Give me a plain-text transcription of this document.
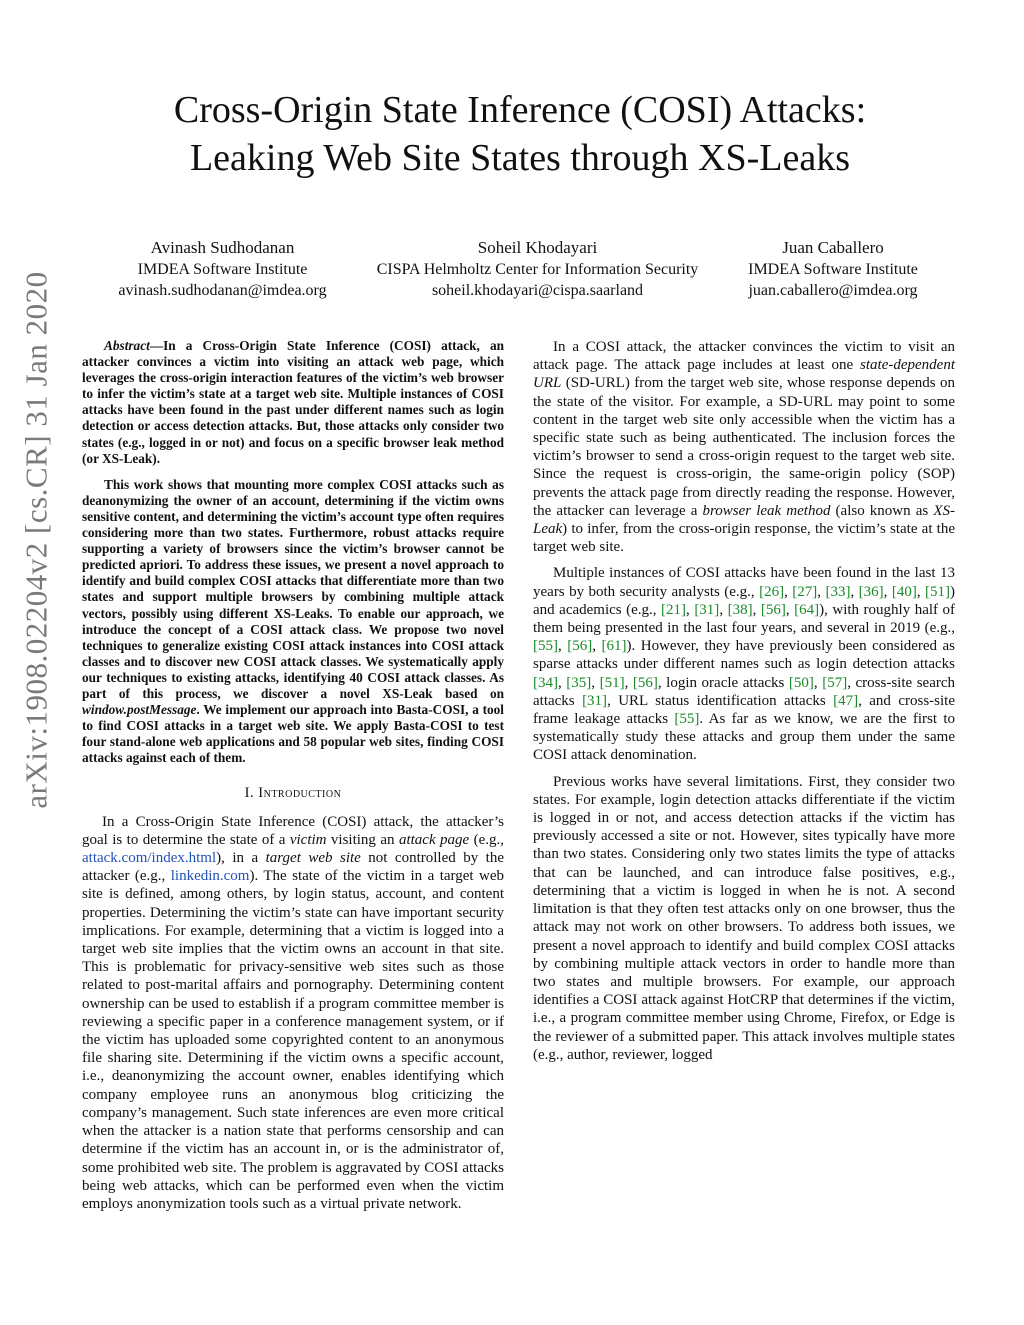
arXiv:1908.02204v2 [cs.CR] 31 Jan 2020
Cross-Origin State Inference (COSI) Attacks:
Leaking Web Site States through XS-Leaks
Avinash Sudhodanan
IMDEA Software Institute
avinash.sudhodanan@imdea.org
Soheil Khodayari
CISPA Helmholtz Center for Information Security
soheil.khodayari@cispa.saarland
Juan Caballero
IMDEA Software Institute
juan.caballero@imdea.org

Abstract—In a Cross-Origin State Inference (COSI) attack, an attacker convinces a victim into visiting an attack web page, which leverages the cross-origin interaction features of the victim’s web browser to infer the victim’s state at a target web site. Multiple instances of COSI attacks have been found in the past under different names such as login detection or access detection attacks. But, those attacks only consider two states (e.g., logged in or not) and focus on a specific browser leak method (or XS-Leak).

This work shows that mounting more complex COSI attacks such as deanonymizing the owner of an account, determining if the victim owns sensitive content, and determining the victim’s account type often requires considering more than two states. Furthermore, robust attacks require supporting a variety of browsers since the victim’s browser cannot be predicted apriori. To address these issues, we present a novel approach to identify and build complex COSI attacks that differentiate more than two states and support multiple browsers by combining multiple attack vectors, possibly using different XS-Leaks. To enable our approach, we introduce the concept of a COSI attack class. We propose two novel techniques to generalize existing COSI attack instances into COSI attack classes and to discover new COSI attack classes. We systematically apply our techniques to existing attacks, identifying 40 COSI attack classes. As part of this process, we discover a novel XS-Leak based on window.postMessage. We implement our approach into Basta-COSI, a tool to find COSI attacks in a target web site. We apply Basta-COSI to test four stand-alone web applications and 58 popular web sites, finding COSI attacks against each of them.

I. Introduction

In a Cross-Origin State Inference (COSI) attack, the attacker’s goal is to determine the state of a victim visiting an attack page (e.g., attack.com/index.html), in a target web site not controlled by the attacker (e.g., linkedin.com). The state of the victim in a target web site is defined, among others, by login status, account, and content properties. Determining the victim’s state can have important security implications. For example, determining that a victim is logged into a target web site implies that the victim owns an account in that site. This is problematic for privacy-sensitive web sites such as those related to post-marital affairs and pornography. Determining content ownership can be used to establish if a program committee member is reviewing a specific paper in a conference management system, or if the victim has uploaded some copyrighted content to an anonymous file sharing site. Determining if the victim owns a specific account, i.e., deanonymizing the account owner, enables identifying which company employee runs an anonymous blog criticizing the company’s management. Such state inferences are even more critical when the attacker is a nation state that performs censorship and can determine if the victim has an account in, or is the administrator of, some prohibited web site. The problem is aggravated by COSI attacks being web attacks, which can be performed even when the victim employs anonymization tools such as a virtual private network.

In a COSI attack, the attacker convinces the victim to visit an attack page. The attack page includes at least one state-dependent URL (SD-URL) from the target web site, whose response depends on the state of the visitor. For example, a SD-URL may point to some content in the target web site only accessible when the victim has a specific state such as being authenticated. The inclusion forces the victim’s browser to send a cross-origin request to the target web site. Since the request is cross-origin, the same-origin policy (SOP) prevents the attack page from directly reading the response. However, the attacker can leverage a browser leak method (also known as XS-Leak) to infer, from the cross-origin response, the victim’s state at the target web site.

Multiple instances of COSI attacks have been found in the last 13 years by both security analysts (e.g., [26], [27], [33], [36], [40], [51]) and academics (e.g., [21], [31], [38], [56], [64]), with roughly half of them being presented in the last four years, and several in 2019 (e.g., [55], [56], [61]). However, they have previously been considered as sparse attacks under different names such as login detection attacks [34], [35], [51], [56], login oracle attacks [50], [57], cross-site search attacks [31], URL status identification attacks [47], and cross-site frame leakage attacks [55]. As far as we know, we are the first to systematically study these attacks and group them under the same COSI attack denomination.

Previous works have several limitations. First, they consider two states. For example, login detection attacks differentiate if the victim is logged in or not, and access detection attacks if the victim has previously accessed a site or not. However, sites typically have more than two states. Considering only two states limits the type of attacks that can be launched, and can introduce false positives, e.g., determining that a victim is logged in when he is not. A second limitation is that they often test attacks only on one browser, thus the attack may not work on other browsers. To address both issues, we present a novel approach to identify and build complex COSI attacks by combining multiple attack vectors in order to handle more than two states and multiple browsers. For example, our approach identifies a COSI attack against HotCRP that determines if the victim, i.e., a program committee member using Chrome, Firefox, or Edge is the reviewer of a submitted paper. This attack involves multiple states (e.g., author, reviewer, logged
